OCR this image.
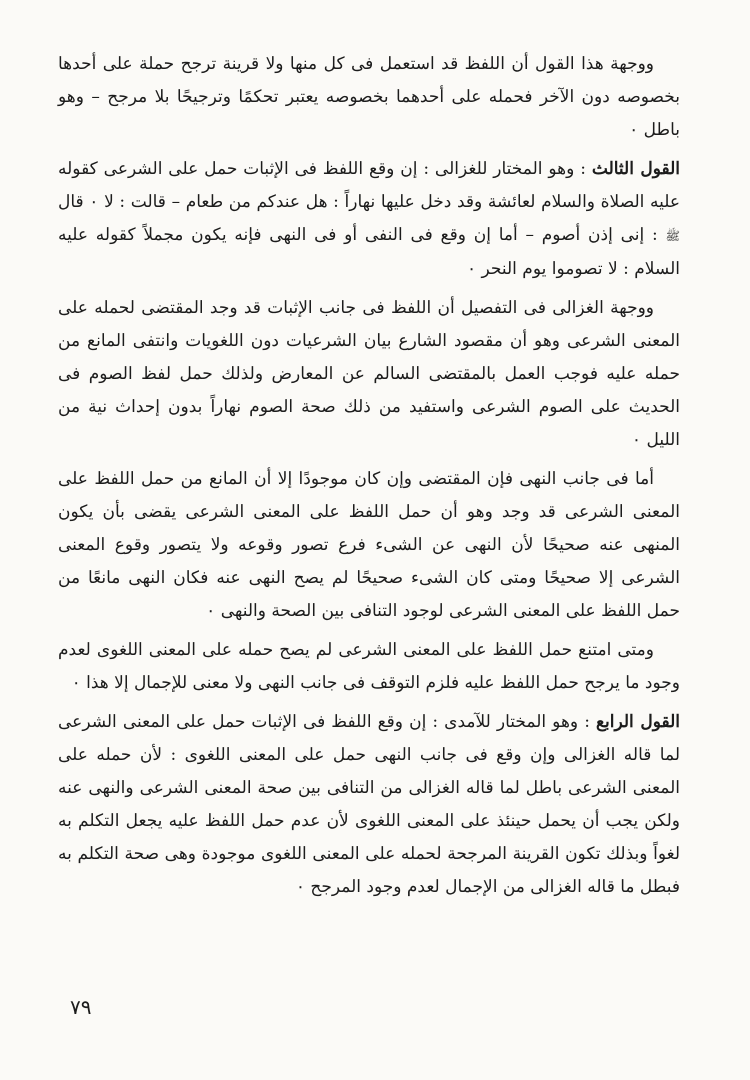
ووجهة هذا القول أن اللفظ قد استعمل فى كل منها ولا قرينة ترجح حملة على أحدها بخصوصه دون الآخر فحمله على أحدهما بخصوصه يعتبر تحكمًا وترجيحًا بلا مرجح – وهو باطل ٠

القول الثالث : وهو المختار للغزالى : إن وقع اللفظ فى الإثبات حمل على الشرعى كقوله عليه الصلاة والسلام لعائشة وقد دخل عليها نهاراً : هل عندكم من طعام – قالت : لا ٠ قال ﷺ : إنى إذن أصوم – أما إن وقع فى النفى أو فى النهى فإنه يكون مجملاً كقوله عليه السلام : لا تصوموا يوم النحر ٠

ووجهة الغزالى فى التفصيل أن اللفظ فى جانب الإثبات قد وجد المقتضى لحمله على المعنى الشرعى وهو أن مقصود الشارع بيان الشرعيات دون اللغويات وانتفى المانع من حمله عليه فوجب العمل بالمقتضى السالم عن المعارض ولذلك حمل لفظ الصوم فى الحديث على الصوم الشرعى واستفيد من ذلك صحة الصوم نهاراً بدون إحداث نية من الليل ٠

أما فى جانب النهى فإن المقتضى وإن كان موجودًا إلا أن المانع من حمل اللفظ على المعنى الشرعى قد وجد وهو أن حمل اللفظ على المعنى الشرعى يقضى بأن يكون المنهى عنه صحيحًا لأن النهى عن الشىء فرع تصور وقوعه ولا يتصور وقوع المعنى الشرعى إلا صحيحًا ومتى كان الشىء صحيحًا لم يصح النهى عنه فكان النهى مانعًا من حمل اللفظ على المعنى الشرعى لوجود التنافى بين الصحة والنهى ٠

ومتى امتنع حمل اللفظ على المعنى الشرعى لم يصح حمله على المعنى اللغوى لعدم وجود ما يرجح حمل اللفظ عليه فلزم التوقف فى جانب النهى ولا معنى للإجمال إلا هذا ٠

القول الرابع : وهو المختار للآمدى : إن وقع اللفظ فى الإثبات حمل على المعنى الشرعى لما قاله الغزالى وإن وقع فى جانب النهى حمل على المعنى اللغوى : لأن حمله على المعنى الشرعى باطل لما قاله الغزالى من التنافى بين صحة المعنى الشرعى والنهى عنه ولكن يجب أن يحمل حينئذ على المعنى اللغوى لأن عدم حمل اللفظ عليه يجعل التكلم به لغواً وبذلك تكون القرينة المرجحة لحمله على المعنى اللغوى موجودة وهى صحة التكلم به فبطل ما قاله الغزالى من الإجمال لعدم وجود المرجح ٠

٧٩
